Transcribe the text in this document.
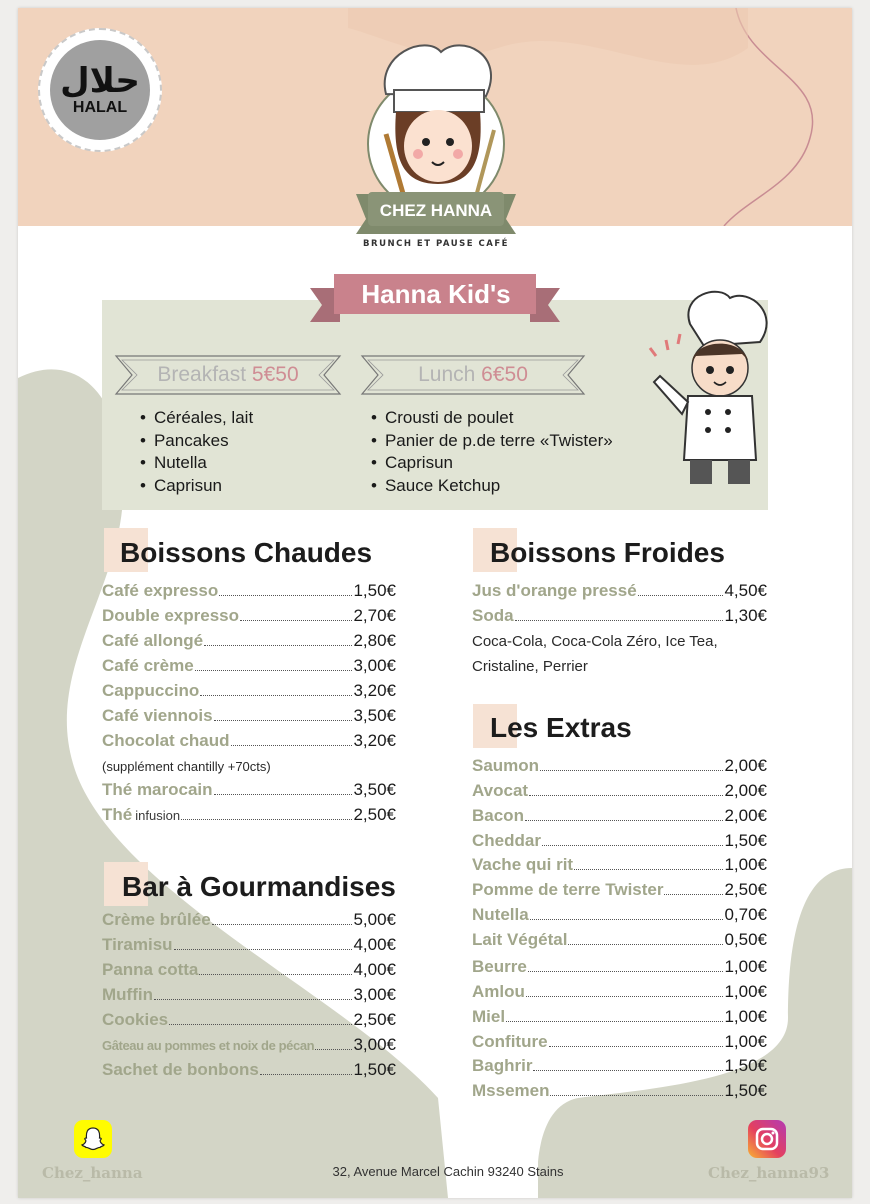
حلال
HALAL
CHEZ HANNA
BRUNCH ET PAUSE CAFÉ
Hanna Kid's
Breakfast 5€50	Lunch 6€50
• Céréales, lait
• Pancakes
• Nutella
• Caprisun
• Crousti de poulet
• Panier de p.de terre «Twister»
• Caprisun
• Sauce Ketchup
Boissons Chaudes
Café expresso	1,50€
Double expresso	2,70€
Café allongé	2,80€
Café crème	3,00€
Cappuccino	3,20€
Café viennois	3,50€
Chocolat chaud	3,20€
(supplément chantilly +70cts)
Thé marocain	3,50€
Thé infusion	2,50€
Bar à Gourmandises
Crème brûlée	5,00€
Tiramisu	4,00€
Panna cotta	4,00€
Muffin	3,00€
Cookies	2,50€
Gâteau au pommes et noix de pécan 3,00€
Sachet de bonbons	1,50€
Boissons Froides
Jus d'orange pressé	4,50€
Soda	1,30€
Coca-Cola, Coca-Cola Zéro, Ice Tea,
Cristaline, Perrier
Les Extras
Saumon	2,00€
Avocat	2,00€
Bacon	2,00€
Cheddar	1,50€
Vache qui rit	1,00€
Pomme de terre Twister	2,50€
Nutella	0,70€
Lait Végétal	0,50€
Beurre	1,00€
Amlou	1,00€
Miel	1,00€
Confiture	1,00€
Baghrir	1,50€
Mssemen	1,50€
Chez_hanna	32, Avenue Marcel Cachin 93240 Stains	Chez_hanna93
